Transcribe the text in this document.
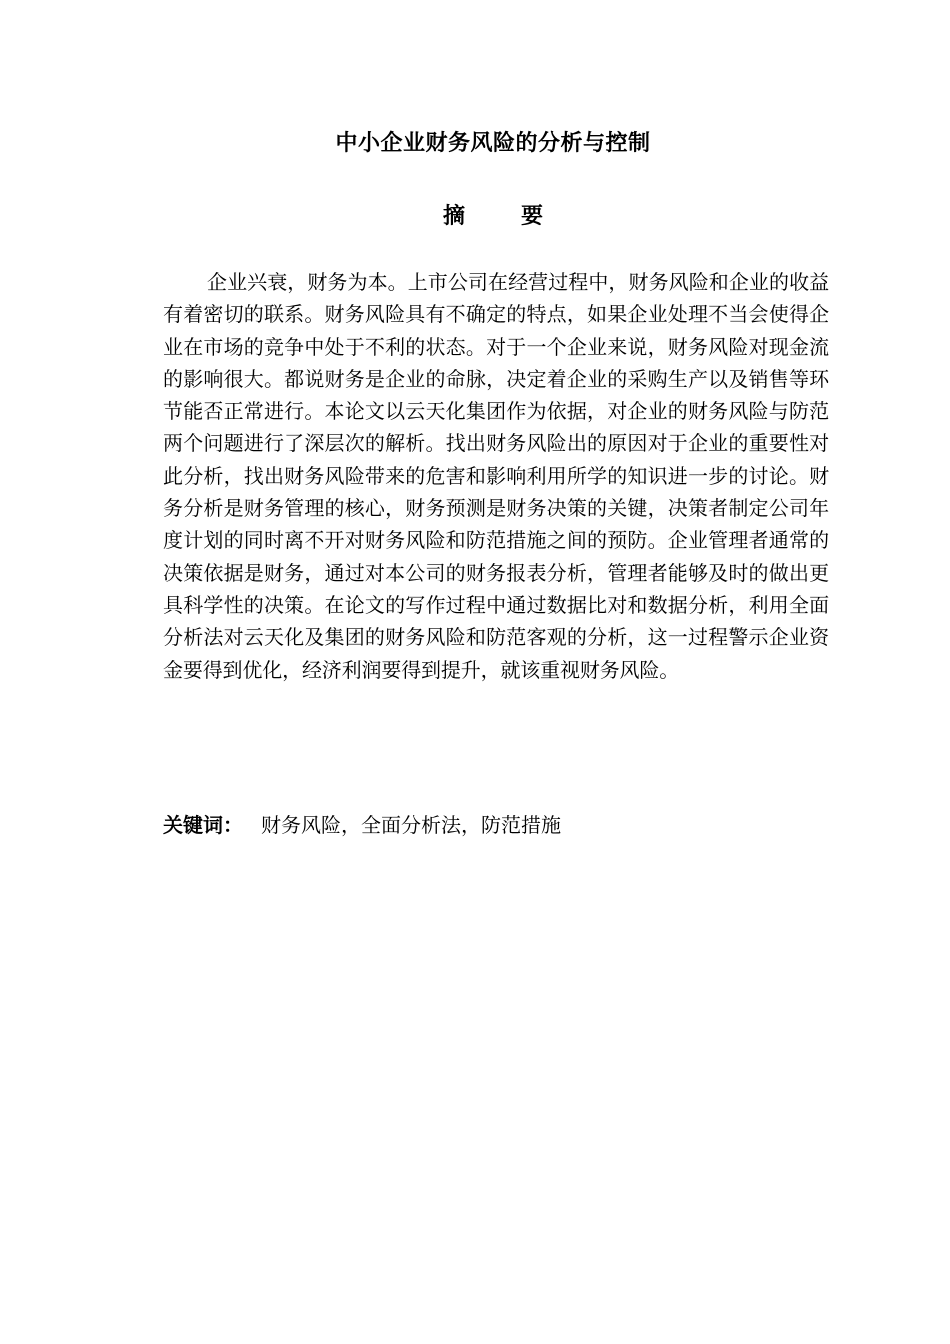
中小企业财务风险的分析与控制
摘要
企业兴衰，财务为本。上市公司在经营过程中，财务风险和企业的收益有着密切的联系。财务风险具有不确定的特点，如果企业处理不当会使得企业在市场的竞争中处于不利的状态。对于一个企业来说，财务风险对现金流的影响很大。都说财务是企业的命脉，决定着企业的采购生产以及销售等环节能否正常进行。本论文以云天化集团作为依据，对企业的财务风险与防范两个问题进行了深层次的解析。找出财务风险出的原因对于企业的重要性对此分析，找出财务风险带来的危害和影响利用所学的知识进一步的讨论。财务分析是财务管理的核心，财务预测是财务决策的关键，决策者制定公司年度计划的同时离不开对财务风险和防范措施之间的预防。企业管理者通常的决策依据是财务，通过对本公司的财务报表分析，管理者能够及时的做出更具科学性的决策。在论文的写作过程中通过数据比对和数据分析，利用全面分析法对云天化及集团的财务风险和防范客观的分析，这一过程警示企业资金要得到优化，经济利润要得到提升，就该重视财务风险。
关键词： 财务风险，全面分析法，防范措施
